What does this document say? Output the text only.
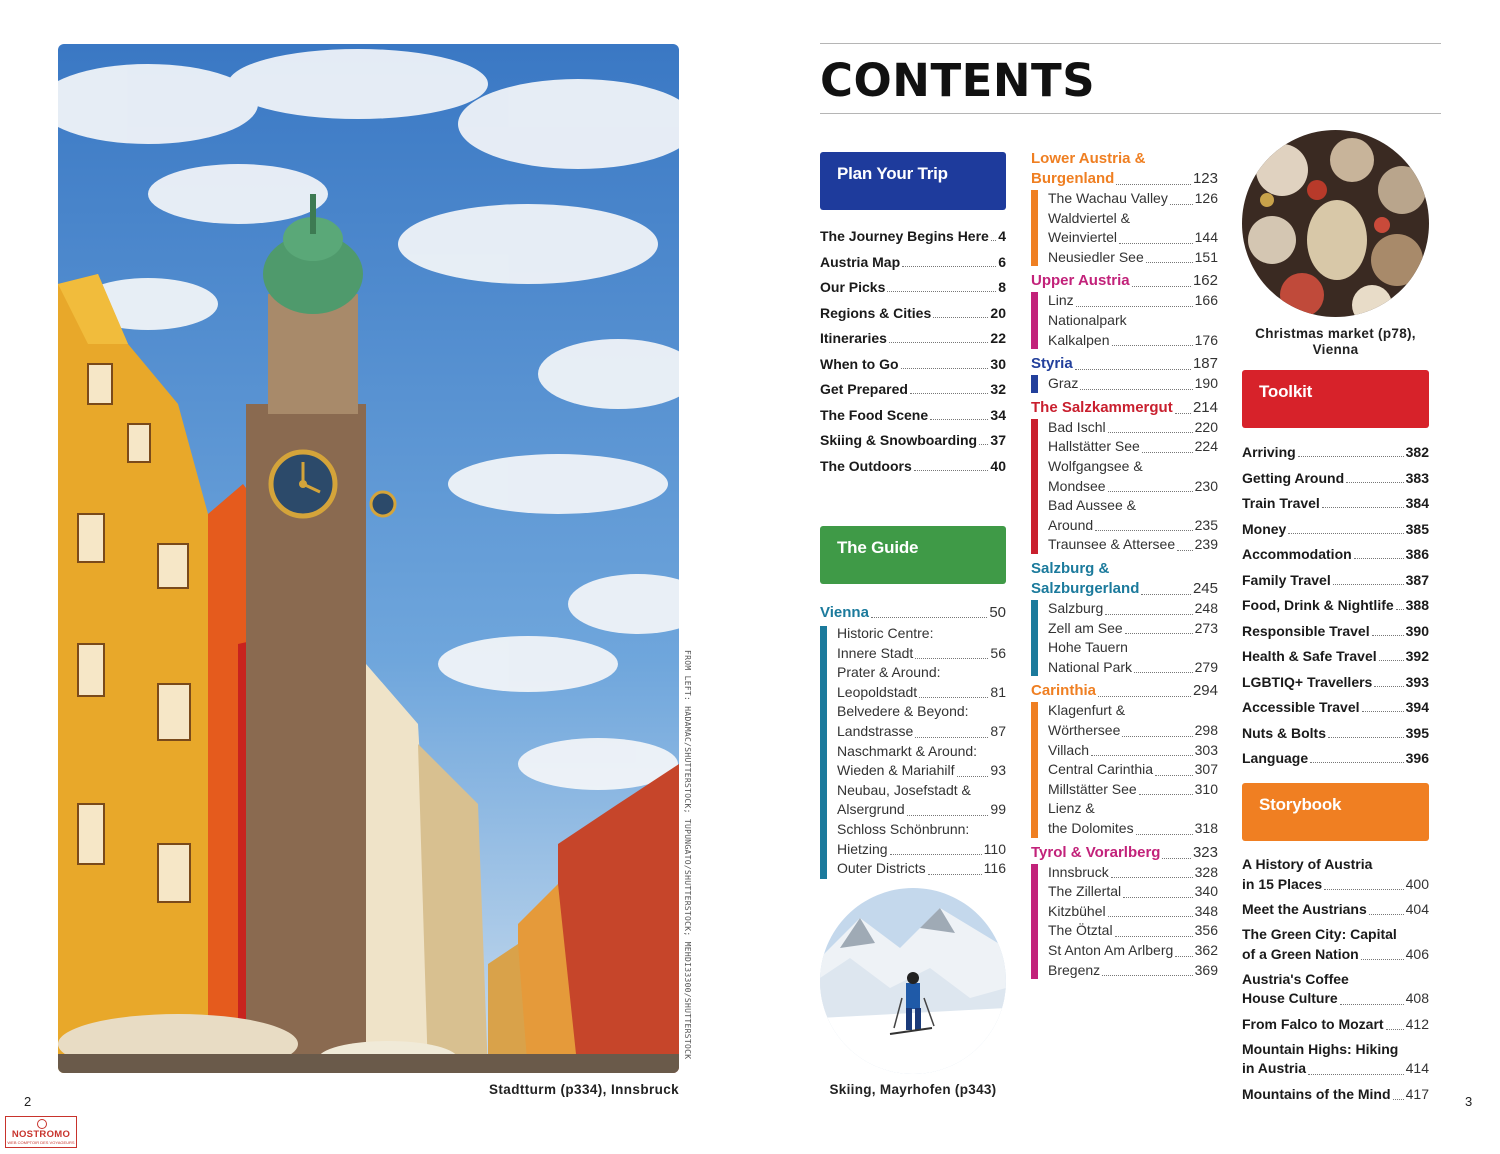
FROM LEFT: HADAMAC/SHUTTERSTOCK; TUPUNGATO/SHUTTERSTOCK; MEHDI33300/SHUTTERSTOCK
Stadtturm (p334), Innsbruck
2
NOSTROMO
WEB COMPTOIR DES VOYAGEURS
CONTENTS
Skiing, Mayrhofen (p343)
Christmas market (p78),
Vienna
3
Plan Your Trip
The Journey Begins Here 4
Austria Map	6
Our Picks	8
Regions & Cities	20
Itineraries	22
When to Go	30
Get Prepared	32
The Food Scene	34
Skiing & Snowboarding 37
The Outdoors	40
The Guide
Vienna	50
Historic Centre:
Innere Stadt	56
Prater & Around:
Leopoldstadt	81
Belvedere & Beyond:
Landstrasse	87
Naschmarkt & Around:
Wieden & Mariahilf	93
Neubau, Josefstadt &
Alsergrund	99
Schloss Schönbrunn:
Hietzing	110
Outer Districts	116
Lower Austria &
Burgenland	123
The Wachau Valley 126
Waldviertel &
Weinviertel	144
Neusiedler See	151
Upper Austria	162
Linz	166
Nationalpark
Kalkalpen	176
Styria	187
Graz	190
The Salzkammergut 214
Bad Ischl	220
Hallstätter See	224
Wolfgangsee &
Mondsee	230
Bad Aussee &
Around	235
Traunsee & Attersee 239
Salzburg &
Salzburgerland	245
Salzburg	248
Zell am See	273
Hohe Tauern
National Park	279
Carinthia	294
Klagenfurt &
Wörthersee	298
Villach	303
Central Carinthia	307
Millstätter See	310
Lienz &
the Dolomites	318
Tyrol & Vorarlberg 323
Innsbruck	328
The Zillertal	340
Kitzbühel	348
The Ötztal	356
St Anton Am Arlberg 362
Bregenz	369
Toolkit
Arriving	382
Getting Around	383
Train Travel	384
Money	385
Accommodation	386
Family Travel	387
Food, Drink & Nightlife 388
Responsible Travel	390
Health & Safe Travel 392
LGBTIQ+ Travellers 393
Accessible Travel	394
Nuts & Bolts	395
Language	396
Storybook
A History of Austria
in 15 Places	400
Meet the Austrians	404
The Green City: Capital
of a Green Nation	406
Austria's Coffee
House Culture	408
From Falco to Mozart 412
Mountain Highs: Hiking
in Austria	414
Mountains of the Mind 417
